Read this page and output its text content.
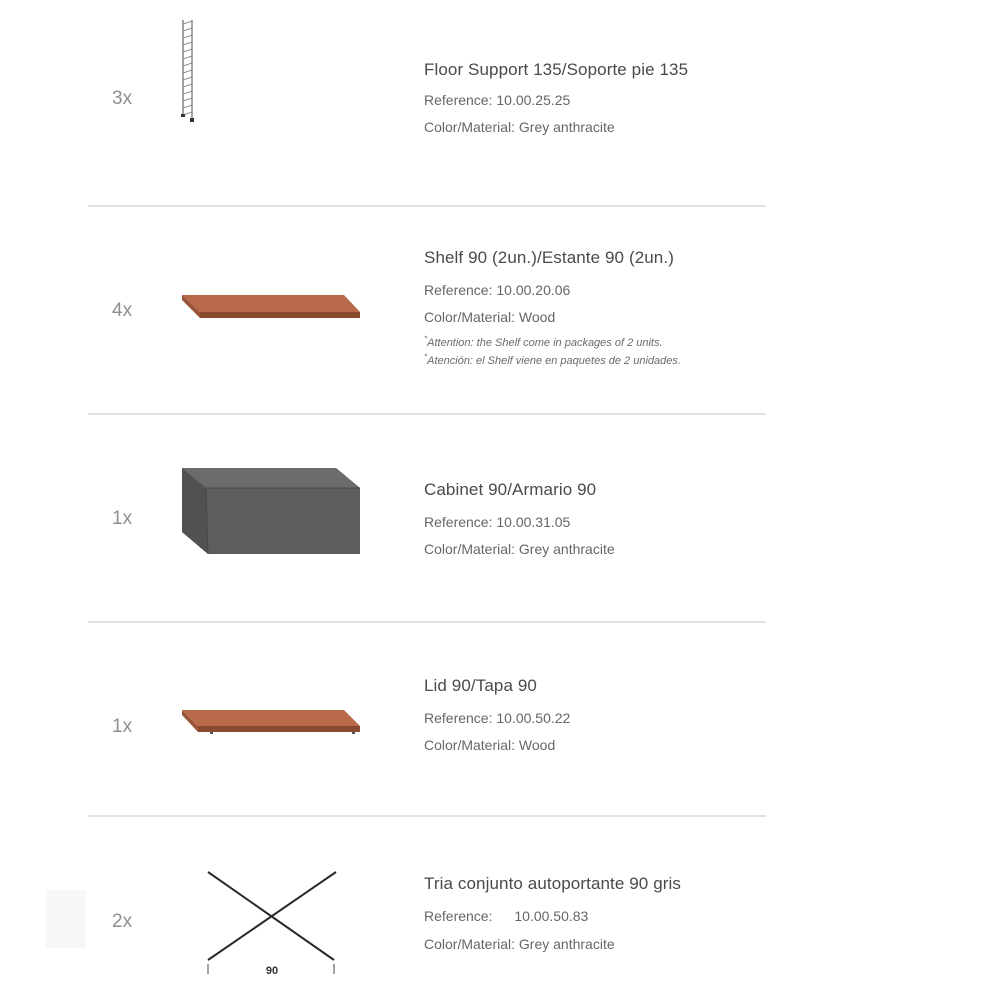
3x
Floor Support 135/Soporte pie 135
Reference: 10.00.25.25
Color/Material: Grey anthracite
4x
Shelf 90 (2un.)/Estante 90 (2un.)
Reference: 10.00.20.06
Color/Material: Wood
*Attention: the Shelf come in packages of 2 units.
*Atención: el Shelf viene en paquetes de 2 unidades.
1x
Cabinet 90/Armario 90
Reference: 10.00.31.05
Color/Material: Grey anthracite
1x
Lid 90/Tapa 90
Reference: 10.00.50.22
Color/Material: Wood
2x
90
Tria conjunto autoportante 90 gris
Reference: 10.00.50.83
Color/Material: Grey anthracite
